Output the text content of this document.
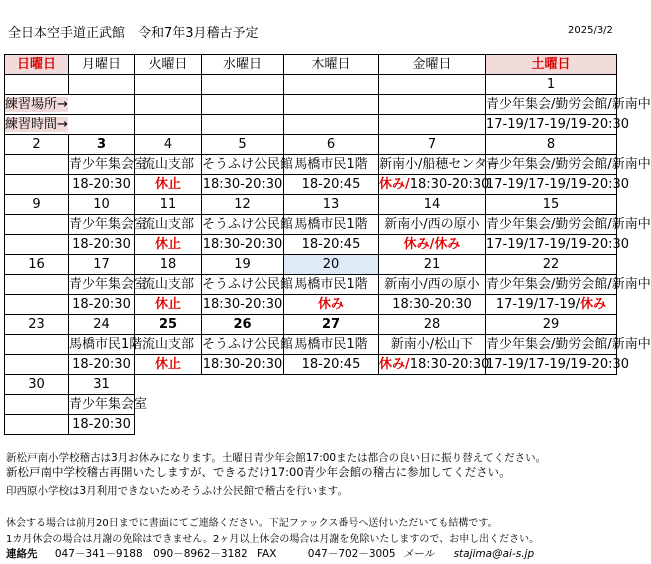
全日本空手道正武館　令和7年3月稽古予定	2025/3/2
日曜日	月曜日	火曜日	水曜日	木曜日	金曜日	土曜日
						1
練習場所→						青少年集会/勤労会館/新南中
練習時間→						17-19/17-19/19-20:30
2	3	4	5	6	7	8
	青少年集会室	流山支部	そうふけ公民館	馬橋市民1階	新南小/船穂センター	青少年集会/勤労会館/新南中
	18-20:30	休止	18:30-20:30	18-20:45	休み/18:30-20:30	17-19/17-19/19-20:30
9	10	11	12	13	14	15
	青少年集会室	流山支部	そうふけ公民館	馬橋市民1階	新南小/西の原小	青少年集会/勤労会館/新南中
	18-20:30	休止	18:30-20:30	18-20:45	休み/休み	17-19/17-19/19-20:30
16	17	18	19	20	21	22
	青少年集会室	流山支部	そうふけ公民館	馬橋市民1階	新南小/西の原小	青少年集会/勤労会館/新南中
	18-20:30	休止	18:30-20:30	休み	18:30-20:30	17-19/17-19/休み
23	24	25	26	27	28	29
	馬橋市民1階	流山支部	そうふけ公民館	馬橋市民1階	新南小/松山下	青少年集会/勤労会館/新南中
	18-20:30	休止	18:30-20:30	18-20:45	休み/18:30-20:30	17-19/17-19/19-20:30
30	31					
	青少年集会室					
	18-20:30					
新松戸南小学校稽古は3月お休みになります。土曜日青少年会館17:00または都合の良い日に振り替えてください。
新松戸南中学校稽古再開いたしますが、できるだけ17:00青少年会館の稽古に参加してください。
印西原小学校は3月利用できないためそうふけ公民館で稽古を行います。
休会する場合は前月20日までに書面にてご連絡ください。下記ファックス番号へ送付いただいても結構です。
1カ月休会の場合は月謝の免除はできません。2ヶ月以上休会の場合は月謝を免除いたしますので、お申し出ください。
連絡先 047－341－9188　090－8962－3182 FAX	047－702－3005 メール stajima@ai-s.jp
